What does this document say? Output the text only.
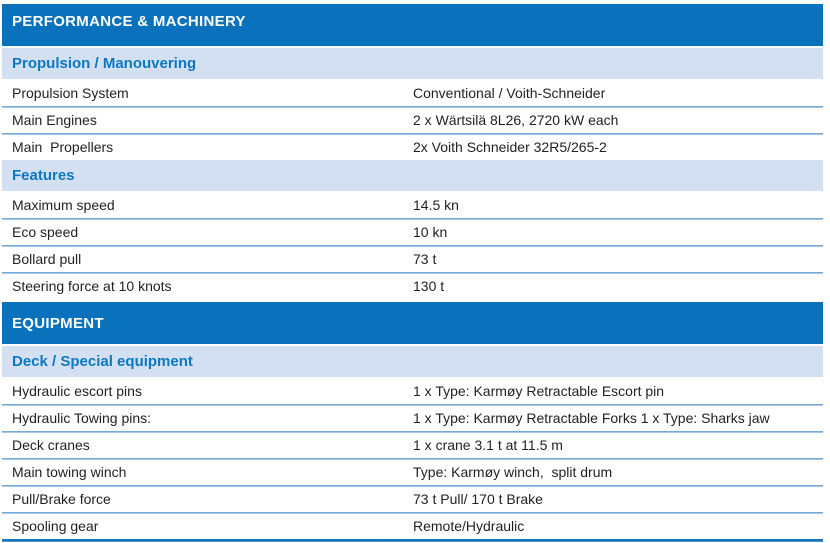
PERFORMANCE & MACHINERY
Propulsion / Manouvering
Propulsion System	Conventional / Voith-Schneider
Main Engines	2 x Wärtsilä 8L26, 2720 kW each
Main  Propellers	2x Voith Schneider 32R5/265-2
Features
Maximum speed	14.5 kn
Eco speed	10 kn
Bollard pull	73 t
Steering force at 10 knots	130 t
EQUIPMENT
Deck / Special equipment
Hydraulic escort pins	1 x Type: Karmøy Retractable Escort pin
Hydraulic Towing pins:	1 x Type: Karmøy Retractable Forks 1 x Type: Sharks jaw
Deck cranes	1 x crane 3.1 t at 11.5 m
Main towing winch	Type: Karmøy winch,  split drum
Pull/Brake force	73 t Pull/ 170 t Brake
Spooling gear	Remote/Hydraulic
